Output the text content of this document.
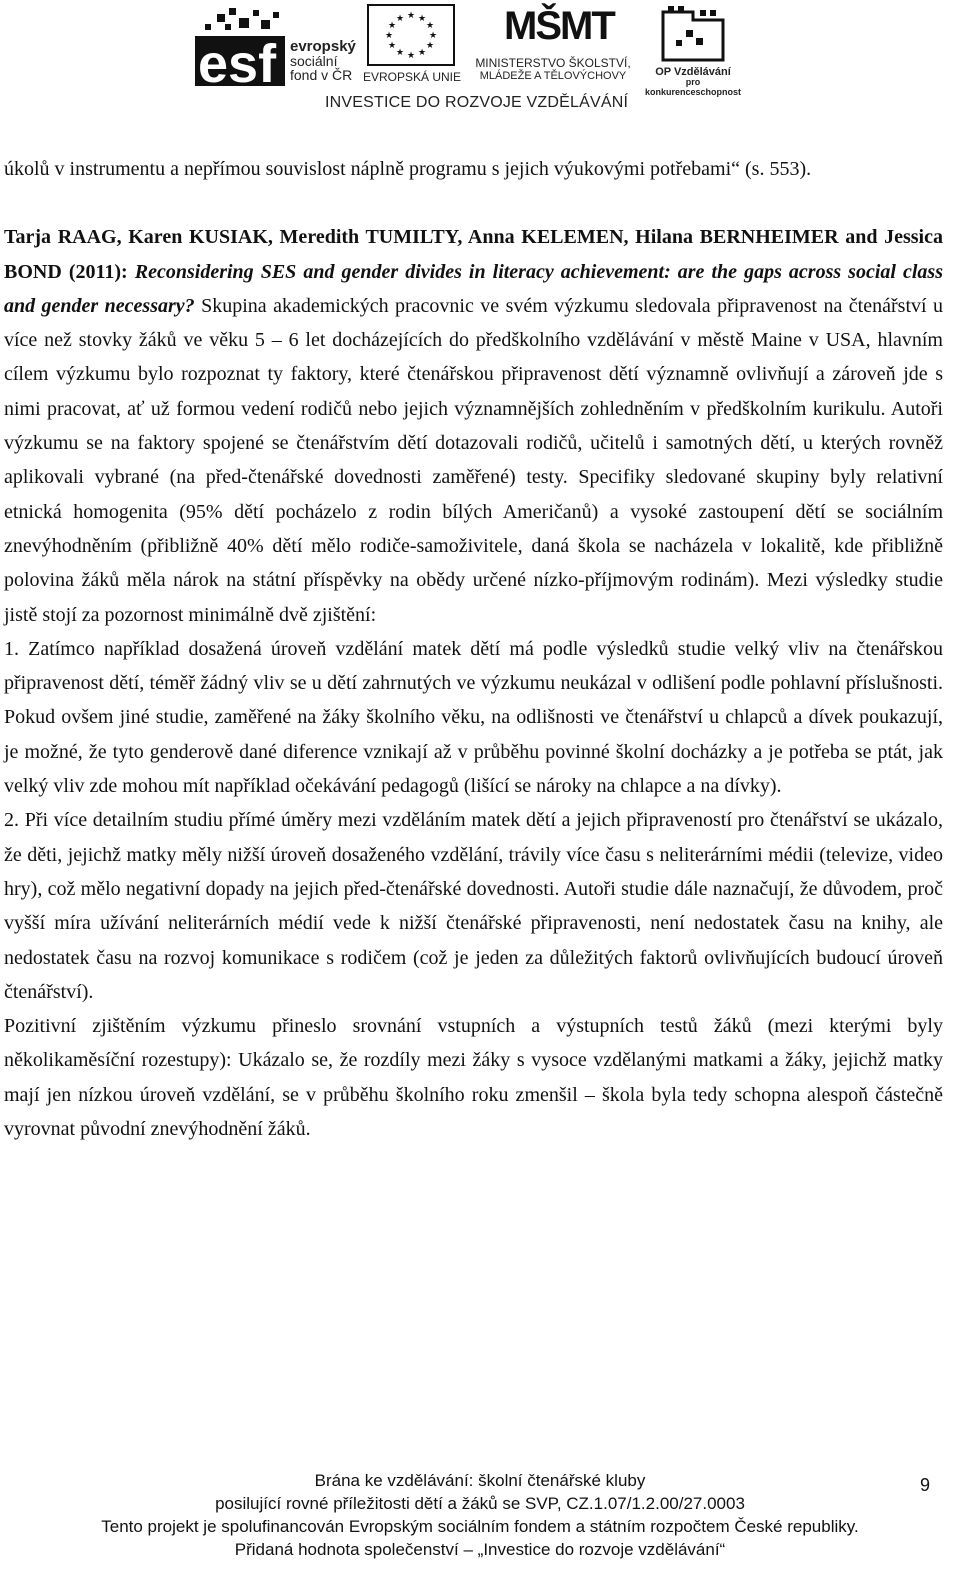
esf evropský
sociální
fond v ČR
★ ★
★
★
★
★
★
★
★
★
★
★
EVROPSKÁ UNIE
MŠMT
MINISTERSTVO ŠKOLSTVÍ,
MLÁDEŽE A TĚLOVÝCHOVY	OP Vzdělávání
pro konkurenceschopnost
INVESTICE DO ROZVOJE VZDĚLÁVÁNÍ

úkolů v instrumentu a nepřímou souvislost náplně programu s jejich výukovými potřebami“ (s. 553).

Tarja RAAG, Karen KUSIAK, Meredith TUMILTY, Anna KELEMEN, Hilana BERNHEIMER and Jessica BOND (2011): Reconsidering SES and gender divides in literacy achievement: are the gaps across social class and gender necessary? Skupina akademických pracovnic ve svém výzkumu sledovala připravenost na čtenářství u více než stovky žáků ve věku 5 – 6 let docházejících do předškolního vzdělávání v městě Maine v USA, hlavním cílem výzkumu bylo rozpoznat ty faktory, které čtenářskou připravenost dětí významně ovlivňují a zároveň jde s nimi pracovat, ať už formou vedení rodičů nebo jejich významnějších zohledněním v předškolním kurikulu. Autoři výzkumu se na faktory spojené se čtenářstvím dětí dotazovali rodičů, učitelů i samotných dětí, u kterých rovněž aplikovali vybrané (na před-čtenářské dovednosti zaměřené) testy. Specifiky sledované skupiny byly relativní etnická homogenita (95% dětí pocházelo z rodin bílých Američanů) a vysoké zastoupení dětí se sociálním znevýhodněním (přibližně 40% dětí mělo rodiče-samoživitele, daná škola se nacházela v lokalitě, kde přibližně polovina žáků měla nárok na státní příspěvky na obědy určené nízko-příjmovým rodinám). Mezi výsledky studie jistě stojí za pozornost minimálně dvě zjištění:

1. Zatímco například dosažená úroveň vzdělání matek dětí má podle výsledků studie velký vliv na čtenářskou připravenost dětí, téměř žádný vliv se u dětí zahrnutých ve výzkumu neukázal v odlišení podle pohlavní příslušnosti. Pokud ovšem jiné studie, zaměřené na žáky školního věku, na odlišnosti ve čtenářství u chlapců a dívek poukazují, je možné, že tyto genderově dané diference vznikají až v průběhu povinné školní docházky a je potřeba se ptát, jak velký vliv zde mohou mít například očekávání pedagogů (lišící se nároky na chlapce a na dívky).

2. Při více detailním studiu přímé úměry mezi vzděláním matek dětí a jejich připraveností pro čtenářství se ukázalo, že děti, jejichž matky měly nižší úroveň dosaženého vzdělání, trávily více času s neliterárními médii (televize, video hry), což mělo negativní dopady na jejich před-čtenářské dovednosti. Autoři studie dále naznačují, že důvodem, proč vyšší míra užívání neliterárních médií vede k nižší čtenářské připravenosti, není nedostatek času na knihy, ale nedostatek času na rozvoj komunikace s rodičem (což je jeden za důležitých faktorů ovlivňujících budoucí úroveň čtenářství).

Pozitivní zjištěním výzkumu přineslo srovnání vstupních a výstupních testů žáků (mezi kterými byly několikaměsíční rozestupy): Ukázalo se, že rozdíly mezi žáky s vysoce vzdělanými matkami a žáky, jejichž matky mají jen nízkou úroveň vzdělání, se v průběhu školního roku zmenšil – škola byla tedy schopna alespoň částečně vyrovnat původní znevýhodnění žáků.

Brána ke vzdělávání: školní čtenářské kluby
posilující rovné příležitosti dětí a žáků se SVP, CZ.1.07/1.2.00/27.0003
Tento projekt je spolufinancován Evropským sociálním fondem a státním rozpočtem České republiky.
Přidaná hodnota společenství – „Investice do rozvoje vzdělávání“
9
